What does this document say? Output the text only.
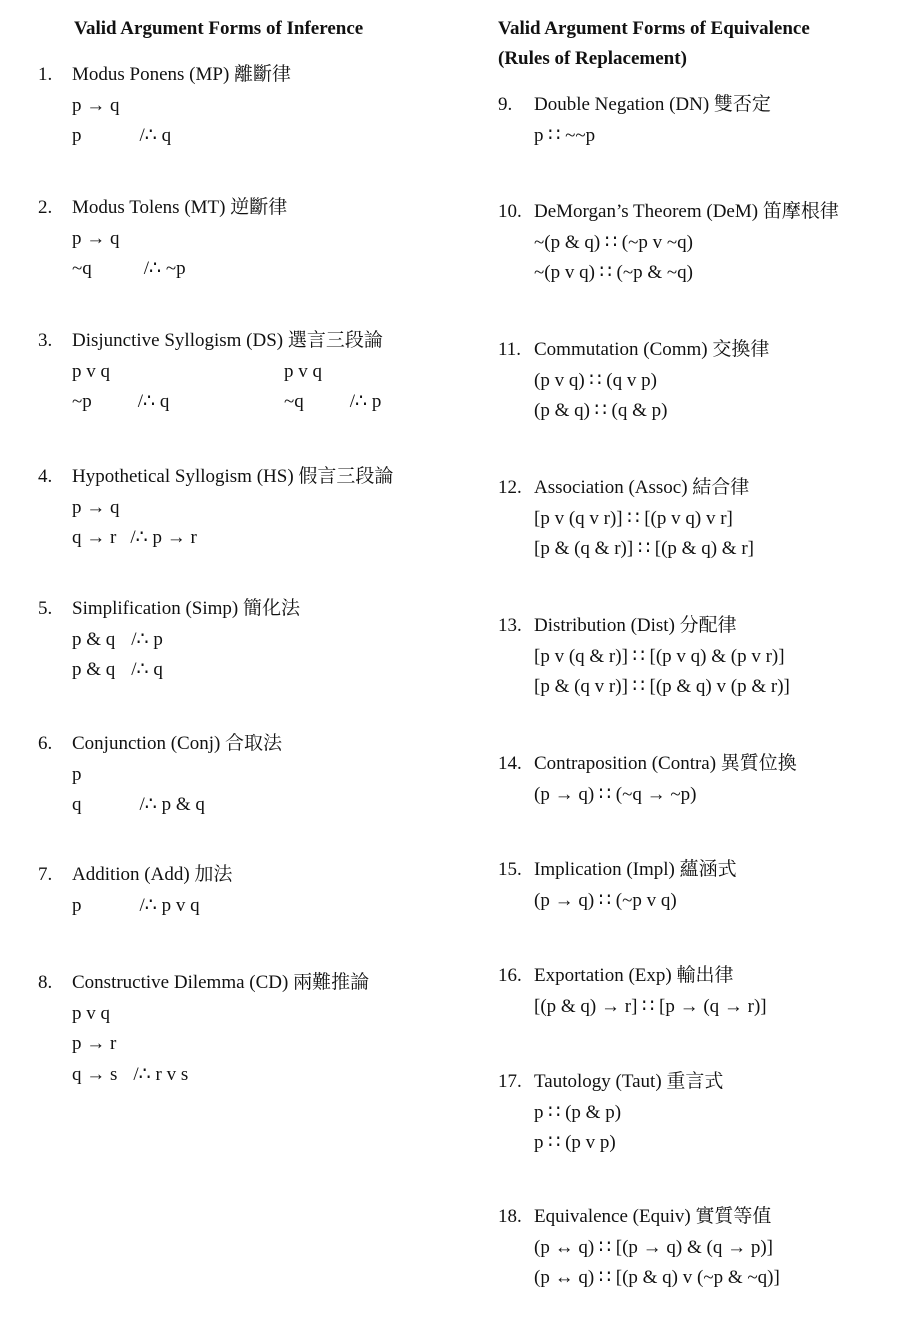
Valid Argument Forms of Inference
1. Modus Ponens (MP) 離斷律
p → q
p	/∴ q
2. Modus Tolens (MT) 逆斷律
p → q
~q	/∴ ~p
3. Disjunctive Syllogism (DS) 選言三段論
p v q	p v q
~p /∴ q	~q /∴ p
4. Hypothetical Syllogism (HS) 假言三段論
p → q
q → r /∴ p → r
5. Simplification (Simp) 簡化法
p & q /∴ p
p & q /∴ q
6. Conjunction (Conj) 合取法
p
q	/∴ p & q
7. Addition (Add) 加法
p	/∴ p v q
8. Constructive Dilemma (CD) 兩難推論
p v q
p → r
q → s /∴ r v s
Valid Argument Forms of Equivalence
(Rules of Replacement)
9. Double Negation (DN) 雙否定
p ∷ ~~p
10. DeMorgan’s Theorem (DeM) 笛摩根律
~(p & q) ∷ (~p v ~q)
~(p v q) ∷ (~p & ~q)
11. Commutation (Comm) 交換律
(p v q) ∷ (q v p)
(p & q) ∷ (q & p)
12. Association (Assoc) 結合律
[p v (q v r)] ∷ [(p v q) v r]
[p & (q & r)] ∷ [(p & q) & r]
13. Distribution (Dist) 分配律
[p v (q & r)] ∷ [(p v q) & (p v r)]
[p & (q v r)] ∷ [(p & q) v (p & r)]
14. Contraposition (Contra) 異質位換
(p → q) ∷ (~q → ~p)
15. Implication (Impl) 蘊涵式
(p → q) ∷ (~p v q)
16. Exportation (Exp) 輸出律
[(p & q) → r] ∷ [p → (q → r)]
17. Tautology (Taut) 重言式
p ∷ (p & p)
p ∷ (p v p)
18. Equivalence (Equiv) 實質等值
(p ↔ q) ∷ [(p → q) & (q → p)]
(p ↔ q) ∷ [(p & q) v (~p & ~q)]
